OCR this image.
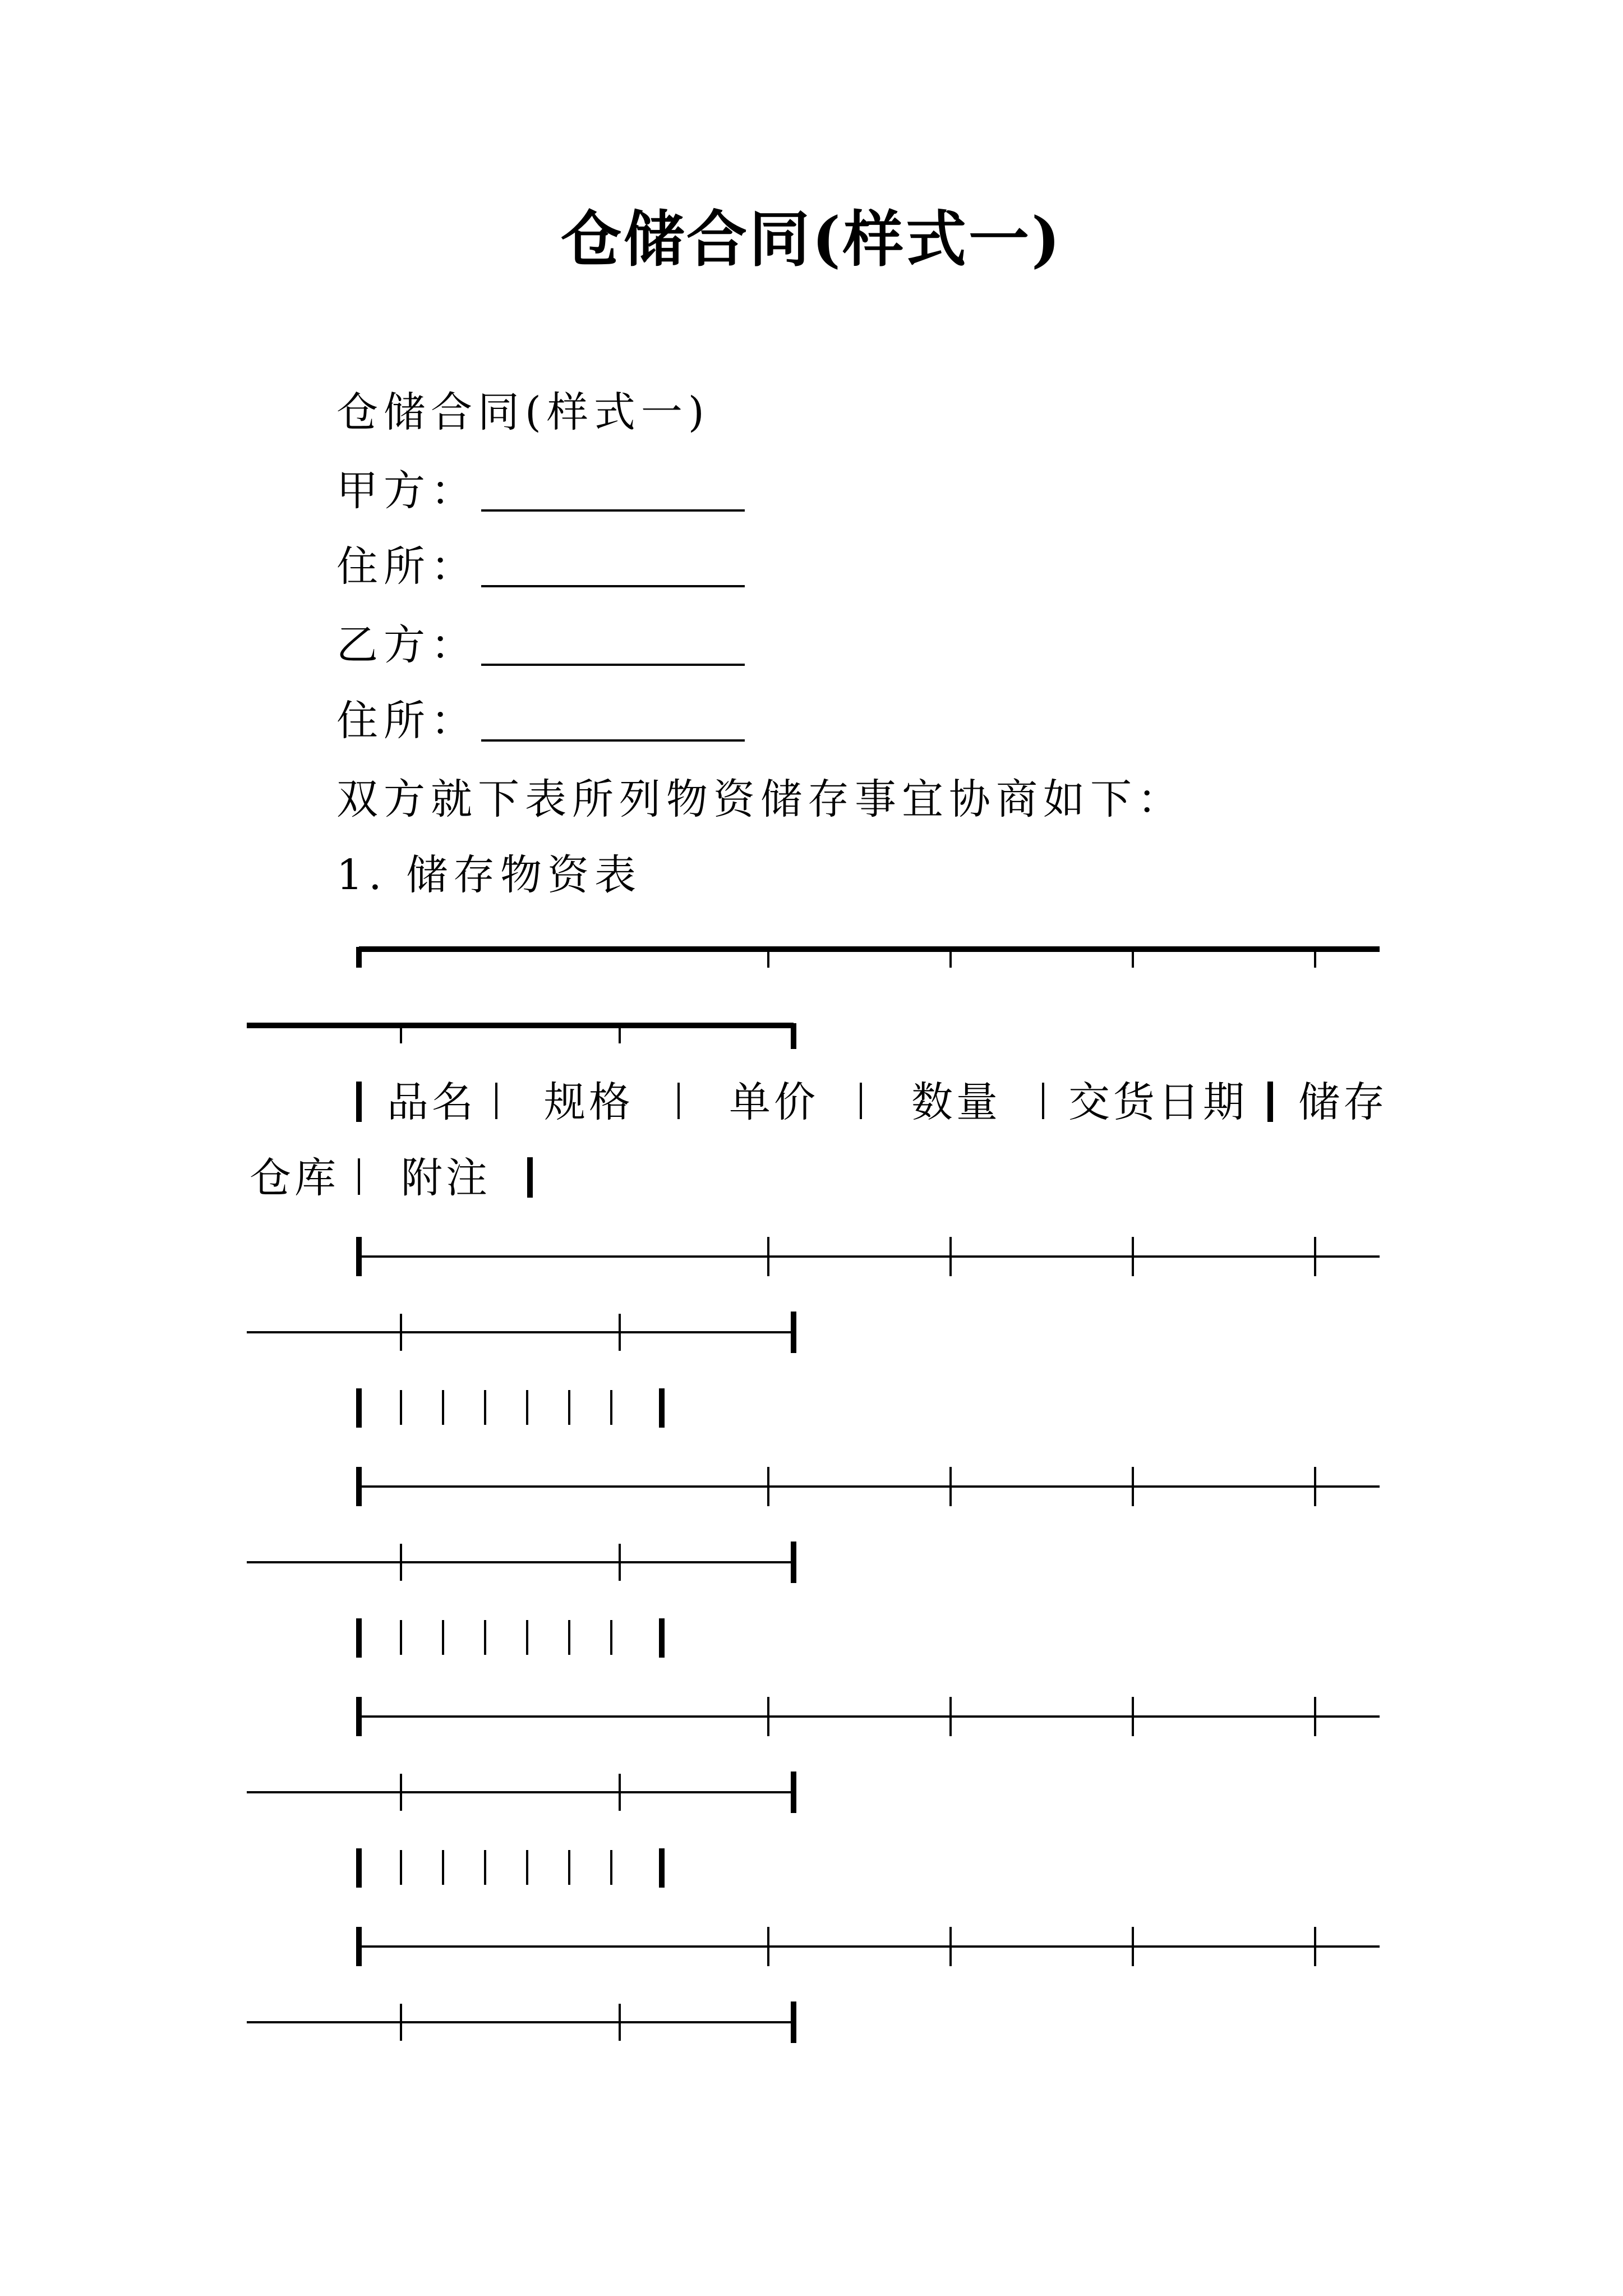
仓储合同(样式一)
仓储合同(样式一)
甲方：
住所：
乙方：
住所：
双方就下表所列物资储存事宜协商如下：
1. 储存物资表
品名 规格 单价 数量 交货日期 储存
仓库 附注
